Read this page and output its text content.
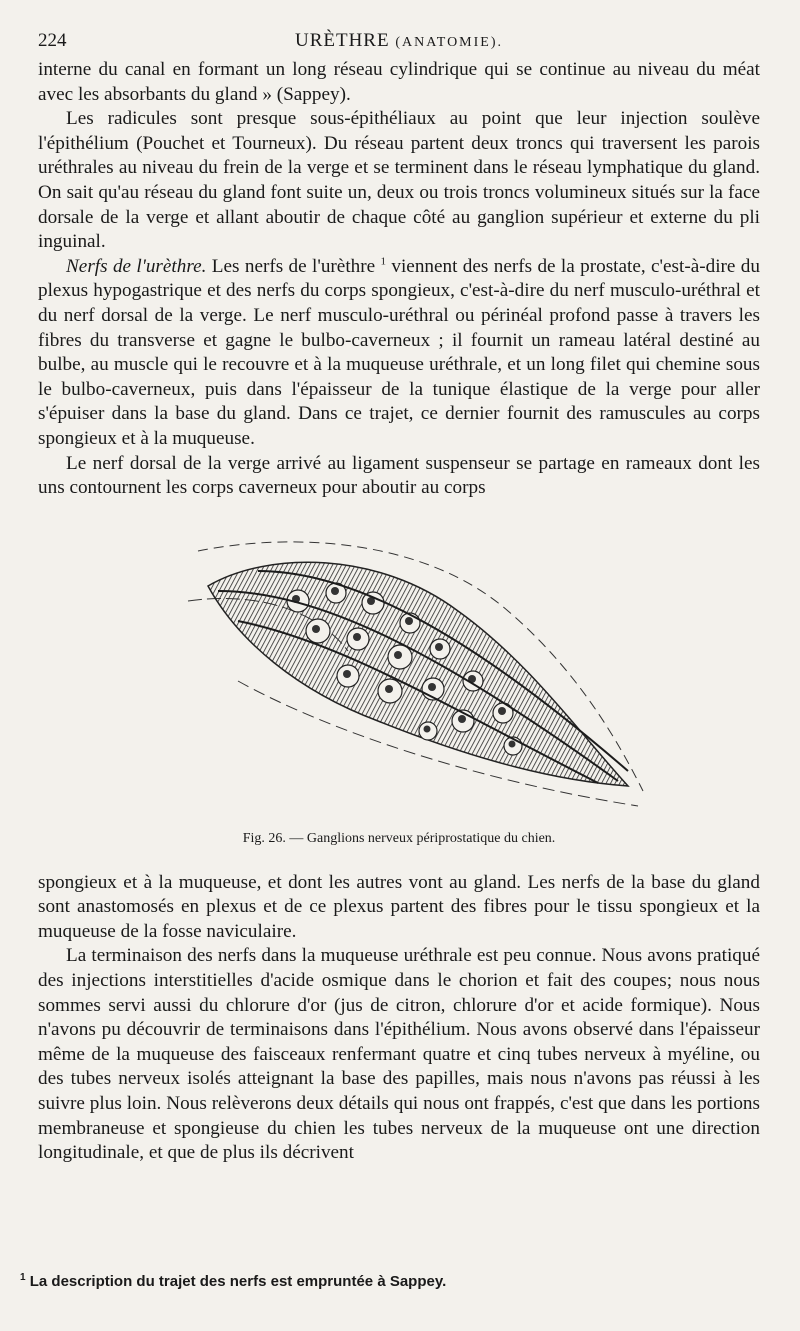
224	URÈTHRE (ANATOMIE).

interne du canal en formant un long réseau cylindrique qui se continue au niveau du méat avec les absorbants du gland » (Sappey).

Les radicules sont presque sous-épithéliaux au point que leur injection soulève l'épithélium (Pouchet et Tourneux). Du réseau partent deux troncs qui traversent les parois uréthrales au niveau du frein de la verge et se terminent dans le réseau lymphatique du gland. On sait qu'au réseau du gland font suite un, deux ou trois troncs volumineux situés sur la face dorsale de la verge et allant aboutir de chaque côté au ganglion supérieur et externe du pli inguinal.

Nerfs de l'urèthre. Les nerfs de l'urèthre $^1$ viennent des nerfs de la prostate, c'est-à-dire du plexus hypogastrique et des nerfs du corps spongieux, c'est-à-dire du nerf musculo-uréthral et du nerf dorsal de la verge. Le nerf musculo-uréthral ou périnéal profond passe à travers les fibres du transverse et gagne le bulbo-caverneux ; il fournit un rameau latéral destiné au bulbe, au muscle qui le recouvre et à la muqueuse uréthrale, et un long filet qui chemine sous le bulbo-caverneux, puis dans l'épaisseur de la tunique élastique de la verge pour aller s'épuiser dans la base du gland. Dans ce trajet, ce dernier fournit des ramuscules au corps spongieux et à la muqueuse.

Le nerf dorsal de la verge arrivé au ligament suspenseur se partage en rameaux dont les uns contournent les corps caverneux pour aboutir au corps

Fig. 26. — Ganglions nerveux périprostatique du chien.

spongieux et à la muqueuse, et dont les autres vont au gland. Les nerfs de la base du gland sont anastomosés en plexus et de ce plexus partent des fibres pour le tissu spongieux et la muqueuse de la fosse naviculaire.

La terminaison des nerfs dans la muqueuse uréthrale est peu connue. Nous avons pratiqué des injections interstitielles d'acide osmique dans le chorion et fait des coupes; nous nous sommes servi aussi du chlorure d'or (jus de citron, chlorure d'or et acide formique). Nous n'avons pu découvrir de terminaisons dans l'épithélium. Nous avons observé dans l'épaisseur même de la muqueuse des faisceaux renfermant quatre et cinq tubes nerveux à myéline, ou des tubes nerveux isolés atteignant la base des papilles, mais nous n'avons pas réussi à les suivre plus loin. Nous relèverons deux détails qui nous ont frappés, c'est que dans les portions membraneuse et spongieuse du chien les tubes nerveux de la muqueuse ont une direction longitudinale, et que de plus ils décrivent

$^1$ La description du trajet des nerfs est empruntée à Sappey.
